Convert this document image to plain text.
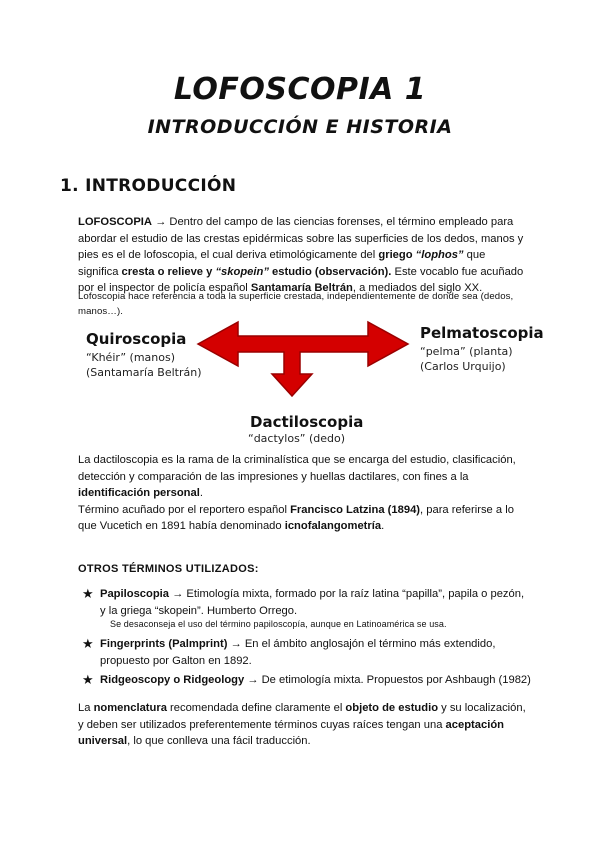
LOFOSCOPIA 1
INTRODUCCIÓN E HISTORIA
1. INTRODUCCIÓN
LOFOSCOPIA → Dentro del campo de las ciencias forenses, el término empleado para abordar el estudio de las crestas epidérmicas sobre las superficies de los dedos, manos y pies es el de lofoscopia, el cual deriva etimológicamente del griego “lophos” que significa cresta o relieve y “skopein” estudio (observación). Este vocablo fue acuñado por el inspector de policía español Santamaría Beltrán, a mediados del siglo XX.
Lofoscopia hace referencia a toda la superficie crestada, independientemente de donde sea (dedos, manos…).
Quiroscopia
“Khéir” (manos)
(Santamaría Beltrán)
Pelmatoscopia
“pelma” (planta)
(Carlos Urquijo)
Dactiloscopia
“dactylos” (dedo)
La dactiloscopia es la rama de la criminalística que se encarga del estudio, clasificación, detección y comparación de las impresiones y huellas dactilares, con fines a la identificación personal.
Término acuñado por el reportero español Francisco Latzina (1894), para referirse a lo que Vucetich en 1891 había denominado icnofalangometría.
OTROS TÉRMINOS UTILIZADOS:
★ Papiloscopia → Etimología mixta, formado por la raíz latina “papilla”, papila o pezón, y la griega “skopein”. Humberto Orrego.
Se desaconseja el uso del término papiloscopía, aunque en Latinoamérica se usa.
★ Fingerprints (Palmprint) → En el ámbito anglosajón el término más extendido, propuesto por Galton en 1892.
★ Ridgeoscopy o Ridgeology → De etimología mixta. Propuestos por Ashbaugh (1982)
La nomenclatura recomendada define claramente el objeto de estudio y su localización, y deben ser utilizados preferentemente términos cuyas raíces tengan una aceptación universal, lo que conlleva una fácil traducción.
